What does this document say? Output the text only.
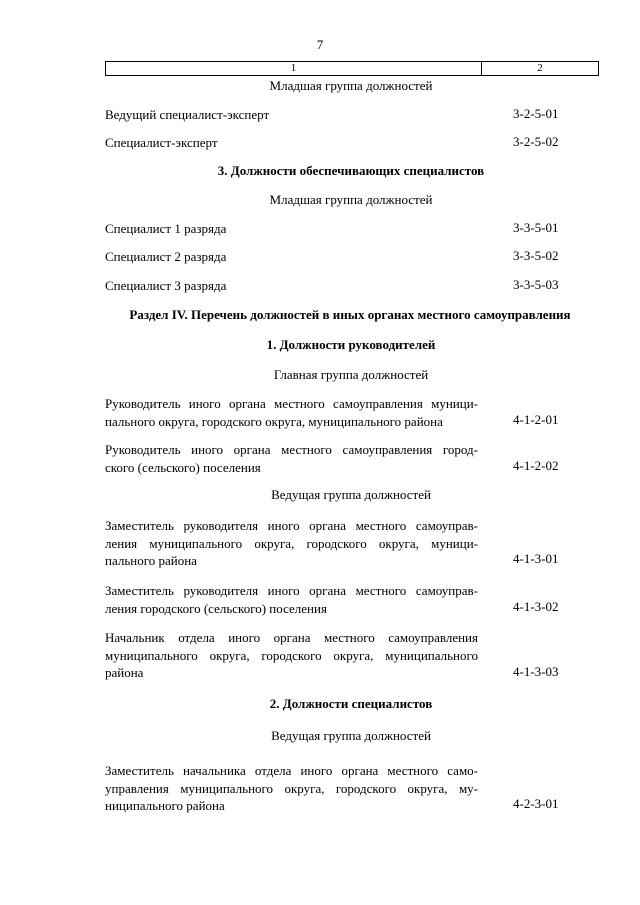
7
1	2
Младшая группа должностей
Ведущий специалист-эксперт	3-2-5-01
Специалист-эксперт	3-2-5-02
3. Должности обеспечивающих специалистов
Младшая группа должностей
Специалист 1 разряда	3-3-5-01
Специалист 2 разряда	3-3-5-02
Специалист 3 разряда	3-3-5-03
Раздел IV. Перечень должностей в иных органах местного самоуправления
1. Должности руководителей
Главная группа должностей
Руководитель иного органа местного самоуправления муници-
пального округа, городского округа, муниципального района	4-1-2-01
Руководитель иного органа местного самоуправления город-
ского (сельского) поселения	4-1-2-02
Ведущая группа должностей
Заместитель руководителя иного органа местного самоуправ-
ления муниципального округа, городского округа, муници-
пального района	4-1-3-01
Заместитель руководителя иного органа местного самоуправ-
ления городского (сельского) поселения	4-1-3-02
Начальник отдела иного органа местного самоуправления
муниципального округа, городского округа, муниципального
района	4-1-3-03
2. Должности специалистов
Ведущая группа должностей
Заместитель начальника отдела иного органа местного само-
управления муниципального округа, городского округа, му-
ниципального района	4-2-3-01
